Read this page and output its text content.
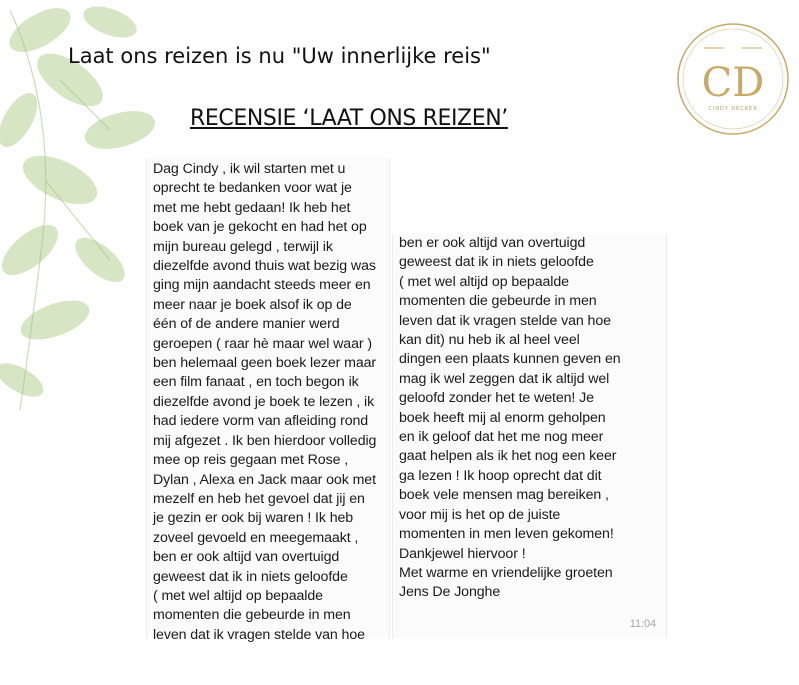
Laat ons reizen is nu "Uw innerlijke reis"
RECENSIE ‘LAAT ONS REIZEN’
CD
CINDY DECKER
Dag Cindy , ik wil starten met u
oprecht te bedanken voor wat je
met me hebt gedaan! Ik heb het
boek van je gekocht en had het op
mijn bureau gelegd , terwijl ik
diezelfde avond thuis wat bezig was
ging mijn aandacht steeds meer en
meer naar je boek alsof ik op de
één of de andere manier werd
geroepen ( raar hè maar wel waar )
ben helemaal geen boek lezer maar
een film fanaat , en toch begon ik
diezelfde avond je boek te lezen , ik
had iedere vorm van afleiding rond
mij afgezet . Ik ben hierdoor volledig
mee op reis gegaan met Rose ,
Dylan , Alexa en Jack maar ook met
mezelf en heb het gevoel dat jij en
je gezin er ook bij waren ! Ik heb
zoveel gevoeld en meegemaakt ,
ben er ook altijd van overtuigd
geweest dat ik in niets geloofde
( met wel altijd op bepaalde
momenten die gebeurde in men
leven dat ik vragen stelde van hoe
ben er ook altijd van overtuigd
geweest dat ik in niets geloofde
( met wel altijd op bepaalde
momenten die gebeurde in men
leven dat ik vragen stelde van hoe
kan dit) nu heb ik al heel veel
dingen een plaats kunnen geven en
mag ik wel zeggen dat ik altijd wel
geloofd zonder het te weten! Je
boek heeft mij al enorm geholpen
en ik geloof dat het me nog meer
gaat helpen als ik het nog een keer
ga lezen ! Ik hoop oprecht dat dit
boek vele mensen mag bereiken ,
voor mij is het op de juiste
momenten in men leven gekomen!
Dankjewel hiervoor !
Met warme en vriendelijke groeten
Jens De Jonghe
11:04
